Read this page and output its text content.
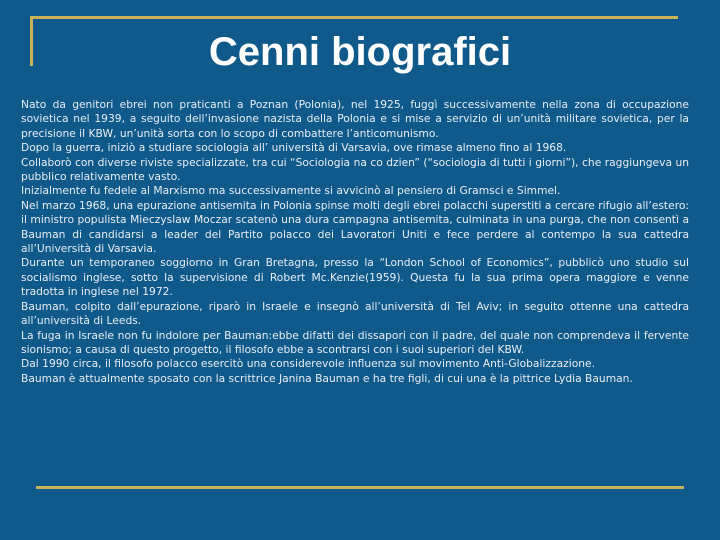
Cenni biografici

Nato da genitori ebrei non praticanti a Poznan (Polonia), nel 1925, fuggì successivamente nella zona di occupazione sovietica nel 1939, a seguito dell’invasione nazista della Polonia e si mise a servizio di un’unità militare sovietica, per la precisione il KBW, un’unità sorta con lo scopo di combattere l’anticomunismo.

Dopo la guerra, iniziò a studiare sociologia all’ università di Varsavia, ove rimase almeno fino al 1968.

Collaborò con diverse riviste specializzate, tra cui “Sociologia na co dzien” (“sociologia di tutti i giorni”), che raggiungeva un pubblico relativamente vasto.

Inizialmente fu fedele al Marxismo ma successivamente si avvicinò al pensiero di Gramsci e Simmel.

Nel marzo 1968, una epurazione antisemita in Polonia spinse molti degli ebrei polacchi superstiti a cercare rifugio all’estero: il ministro populista Mieczyslaw Moczar scatenò una dura campagna antisemita, culminata in una purga, che non consentì a Bauman di candidarsi a leader del Partito polacco dei Lavoratori Uniti e fece perdere al contempo la sua cattedra all’Università di Varsavia.

Durante un temporaneo soggiorno in Gran Bretagna, presso la “London School of Economics”, pubblicò uno studio sul socialismo inglese, sotto la supervisione di Robert Mc.Kenzie(1959). Questa fu la sua prima opera maggiore e venne tradotta in inglese nel 1972.

Bauman, colpito dall’epurazione, riparò in Israele e insegnò all’università di Tel Aviv; in seguito ottenne una cattedra all’università di Leeds.

La fuga in Israele non fu indolore per Bauman:ebbe difatti dei dissapori con il padre, del quale non comprendeva il fervente sionismo; a causa di questo progetto, il filosofo ebbe a scontrarsi con i suoi superiori del KBW.

Dal 1990 circa, il filosofo polacco esercitò una considerevole influenza sul movimento Anti-Globalizzazione.

Bauman è attualmente sposato con la scrittrice Janina Bauman e ha tre figli, di cui una è la pittrice Lydia Bauman.
